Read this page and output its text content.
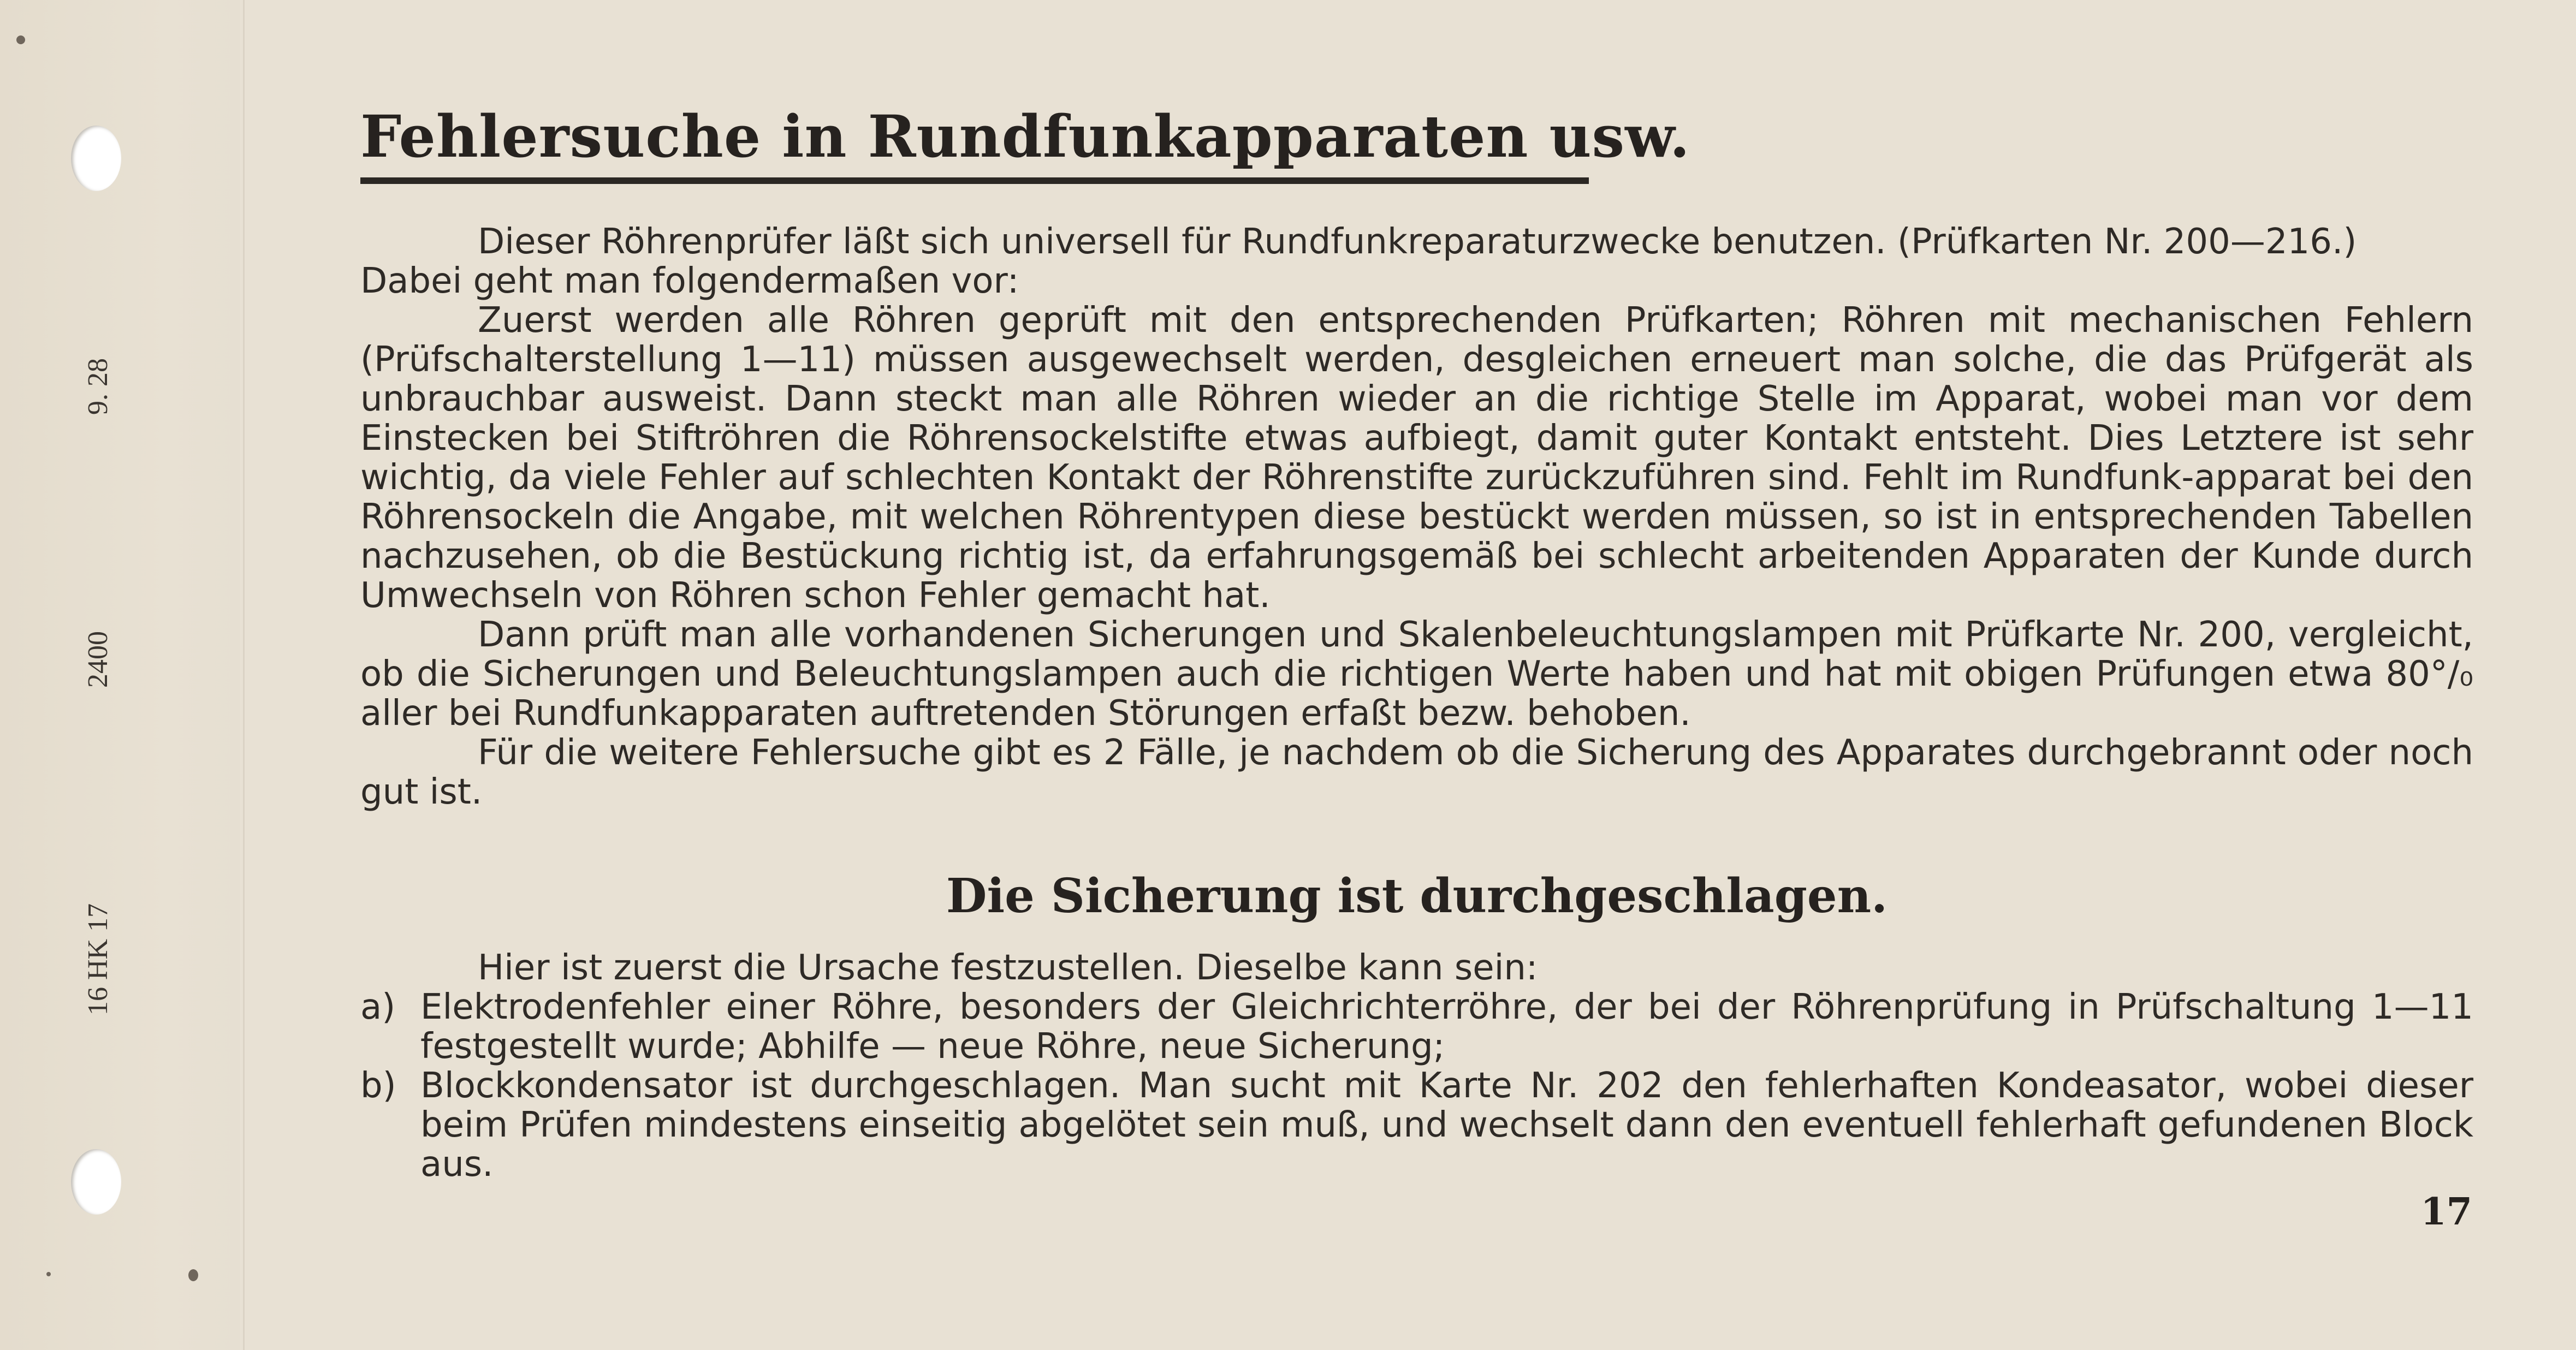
16 HK 17
2400
9. 28
Fehlersuche in Rundfunkapparaten usw.

Dieser Röhrenprüfer läßt sich universell für Rundfunkreparaturzwecke benutzen. (Prüfkarten Nr. 200—216.)

Dabei geht man folgendermaßen vor:

Zuerst werden alle Röhren geprüft mit den entsprechenden Prüfkarten; Röhren mit mechanischen Fehlern (Prüfschalterstellung 1—11) müssen ausgewechselt werden, desgleichen erneuert man solche, die das Prüfgerät als unbrauchbar ausweist. Dann steckt man alle Röhren wieder an die richtige Stelle im Apparat, wobei man vor dem Einstecken bei Stiftröhren die Röhrensockelstifte etwas aufbiegt, damit guter Kontakt entsteht. Dies Letztere ist sehr wichtig, da viele Fehler auf schlechten Kontakt der Röhrenstifte zurückzuführen sind. Fehlt im Rundfunk-apparat bei den Röhrensockeln die Angabe, mit welchen Röhrentypen diese bestückt werden müssen, so ist in entsprechenden Tabellen nachzusehen, ob die Bestückung richtig ist, da erfahrungsgemäß bei schlecht arbeitenden Apparaten der Kunde durch Umwechseln von Röhren schon Fehler gemacht hat.

Dann prüft man alle vorhandenen Sicherungen und Skalenbeleuchtungslampen mit Prüfkarte Nr. 200, vergleicht, ob die Sicherungen und Beleuchtungslampen auch die richtigen Werte haben und hat mit obigen Prüfungen etwa 80°/₀ aller bei Rundfunkapparaten auftretenden Störungen erfaßt bezw. behoben.

Für die weitere Fehlersuche gibt es 2 Fälle, je nachdem ob die Sicherung des Apparates durchgebrannt oder noch gut ist.

Die Sicherung ist durchgeschlagen.

Hier ist zuerst die Ursache festzustellen. Dieselbe kann sein:

a) Elektrodenfehler einer Röhre, besonders der Gleichrichterröhre, der bei der Röhrenprüfung in Prüfschaltung 1—11 festgestellt wurde; Abhilfe — neue Röhre, neue Sicherung;
b) Blockkondensator ist durchgeschlagen. Man sucht mit Karte Nr. 202 den fehlerhaften Kondeasator, wobei dieser beim Prüfen mindestens einseitig abgelötet sein muß, und wechselt dann den eventuell fehlerhaft gefundenen Block aus.
17
